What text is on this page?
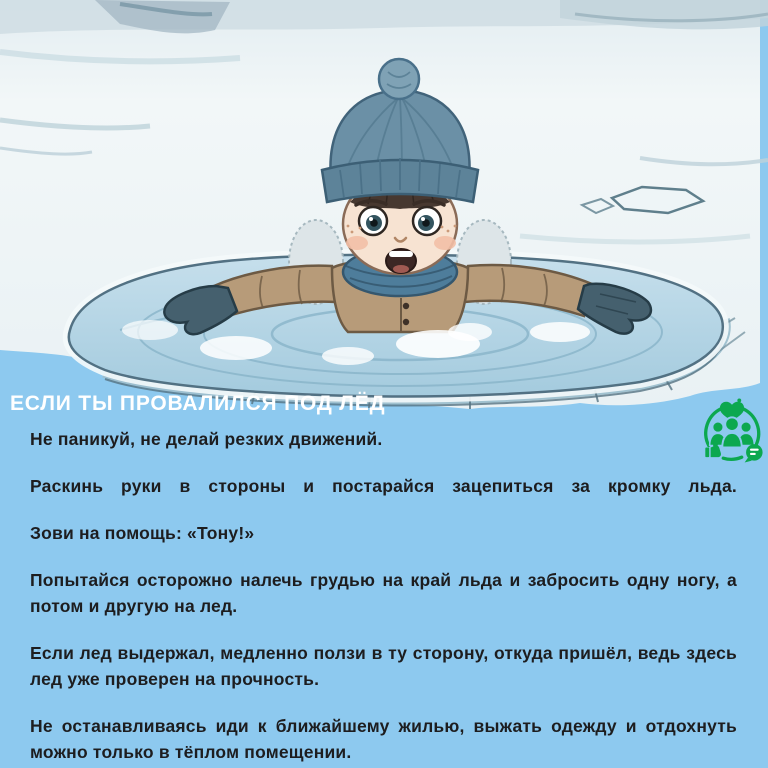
ЕСЛИ ТЫ ПРОВАЛИЛСЯ ПОД ЛЁД

Не паникуй, не делай резких движений.

Раскинь руки в стороны и постарайся зацепиться за кромку льда.

Зови на помощь: «Тону!»

Попытайся осторожно налечь грудью на край льда и забросить одну ногу, а потом и другую на лед.

Если лед выдержал, медленно ползи в ту сторону, откуда пришёл, ведь здесь лед уже проверен на прочность.

Не останавливаясь иди к ближайшему жилью, выжать одежду и отдохнуть можно только в тёплом помещении.
